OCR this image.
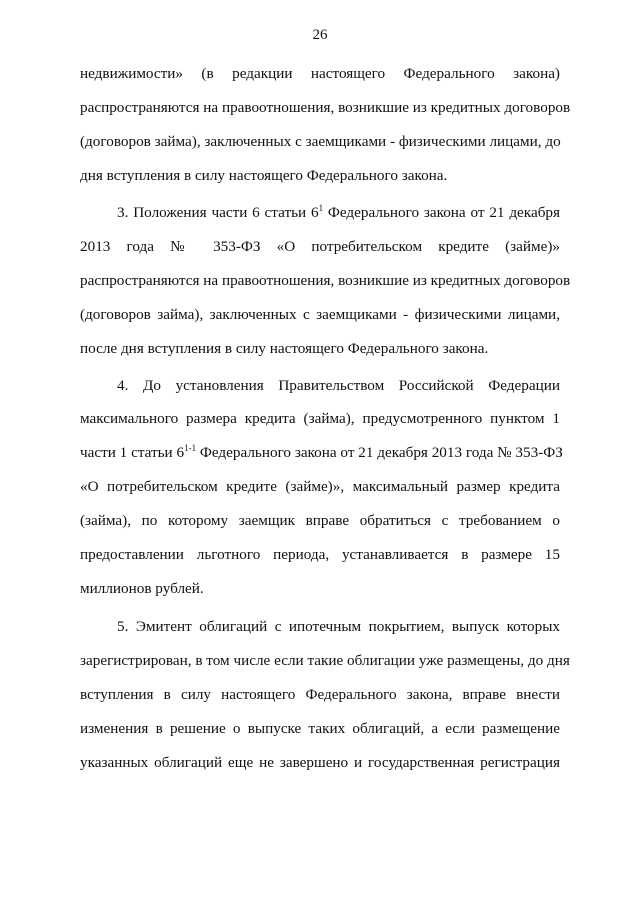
26
недвижимости» (в редакции настоящего Федерального закона)
распространяются на правоотношения, возникшие из кредитных договоров
(договоров займа), заключенных с заемщиками - физическими лицами, до
дня вступления в силу настоящего Федерального закона.
3. Положения части 6 статьи $6^1$ Федерального закона от 21 декабря
2013 года № 353-ФЗ «О потребительском кредите (займе)»
распространяются на правоотношения, возникшие из кредитных договоров
(договоров займа), заключенных с заемщиками - физическими лицами,
после дня вступления в силу настоящего Федерального закона.
4. До установления Правительством Российской Федерации
максимального размера кредита (займа), предусмотренного пунктом 1
части 1 статьи 6$^{1-1}$ Федерального закона от 21 декабря 2013 года № 353-ФЗ
«О потребительском кредите (займе)», максимальный размер кредита
(займа), по которому заемщик вправе обратиться с требованием о
предоставлении льготного периода, устанавливается в размере 15
миллионов рублей.
5. Эмитент облигаций с ипотечным покрытием, выпуск которых
зарегистрирован, в том числе если такие облигации уже размещены, до дня
вступления в силу настоящего Федерального закона, вправе внести
изменения в решение о выпуске таких облигаций, а если размещение
указанных облигаций еще не завершено и государственная регистрация
